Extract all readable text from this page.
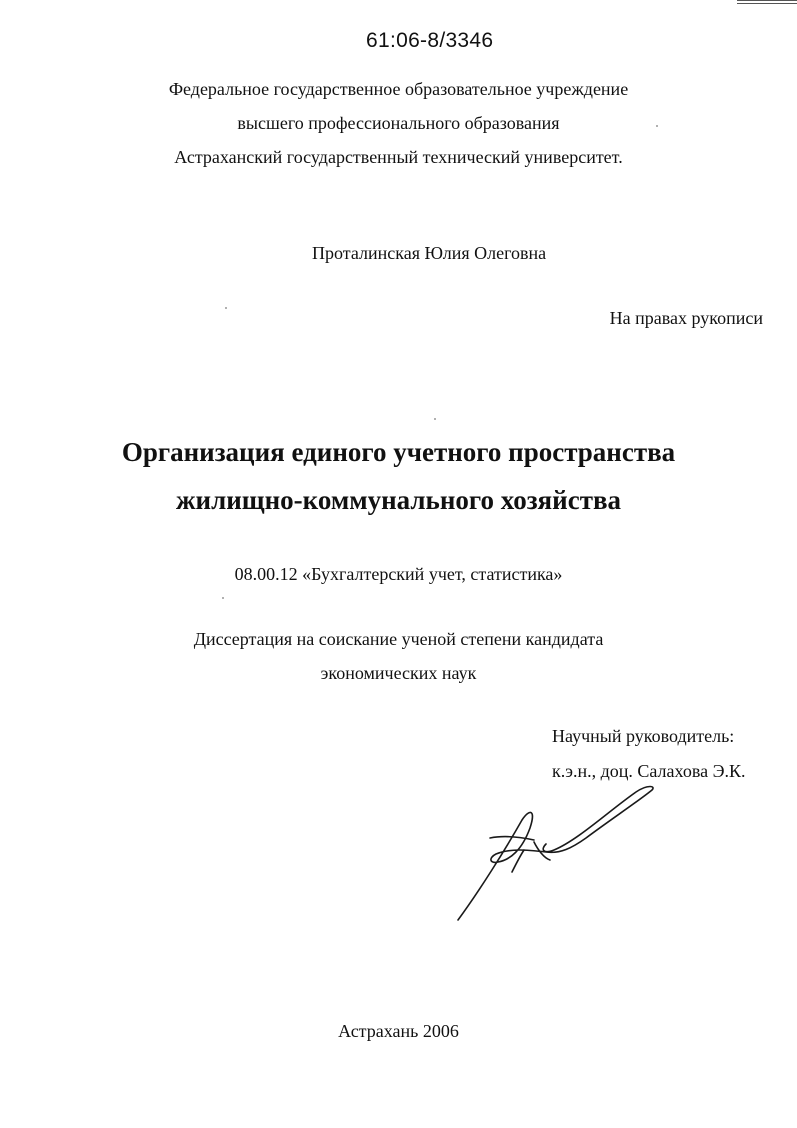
61:06-8/3346
Федеральное государственное образовательное учреждение
высшего профессионального образования
Астраханский государственный технический университет.
Проталинская Юлия Олеговна
На правах рукописи
Организация единого учетного пространства
жилищно-коммунального хозяйства
08.00.12 «Бухгалтерский учет, статистика»
Диссертация на соискание ученой степени кандидата
экономических наук
Научный руководитель:
к.э.н., доц. Салахова Э.К.
Астрахань 2006
